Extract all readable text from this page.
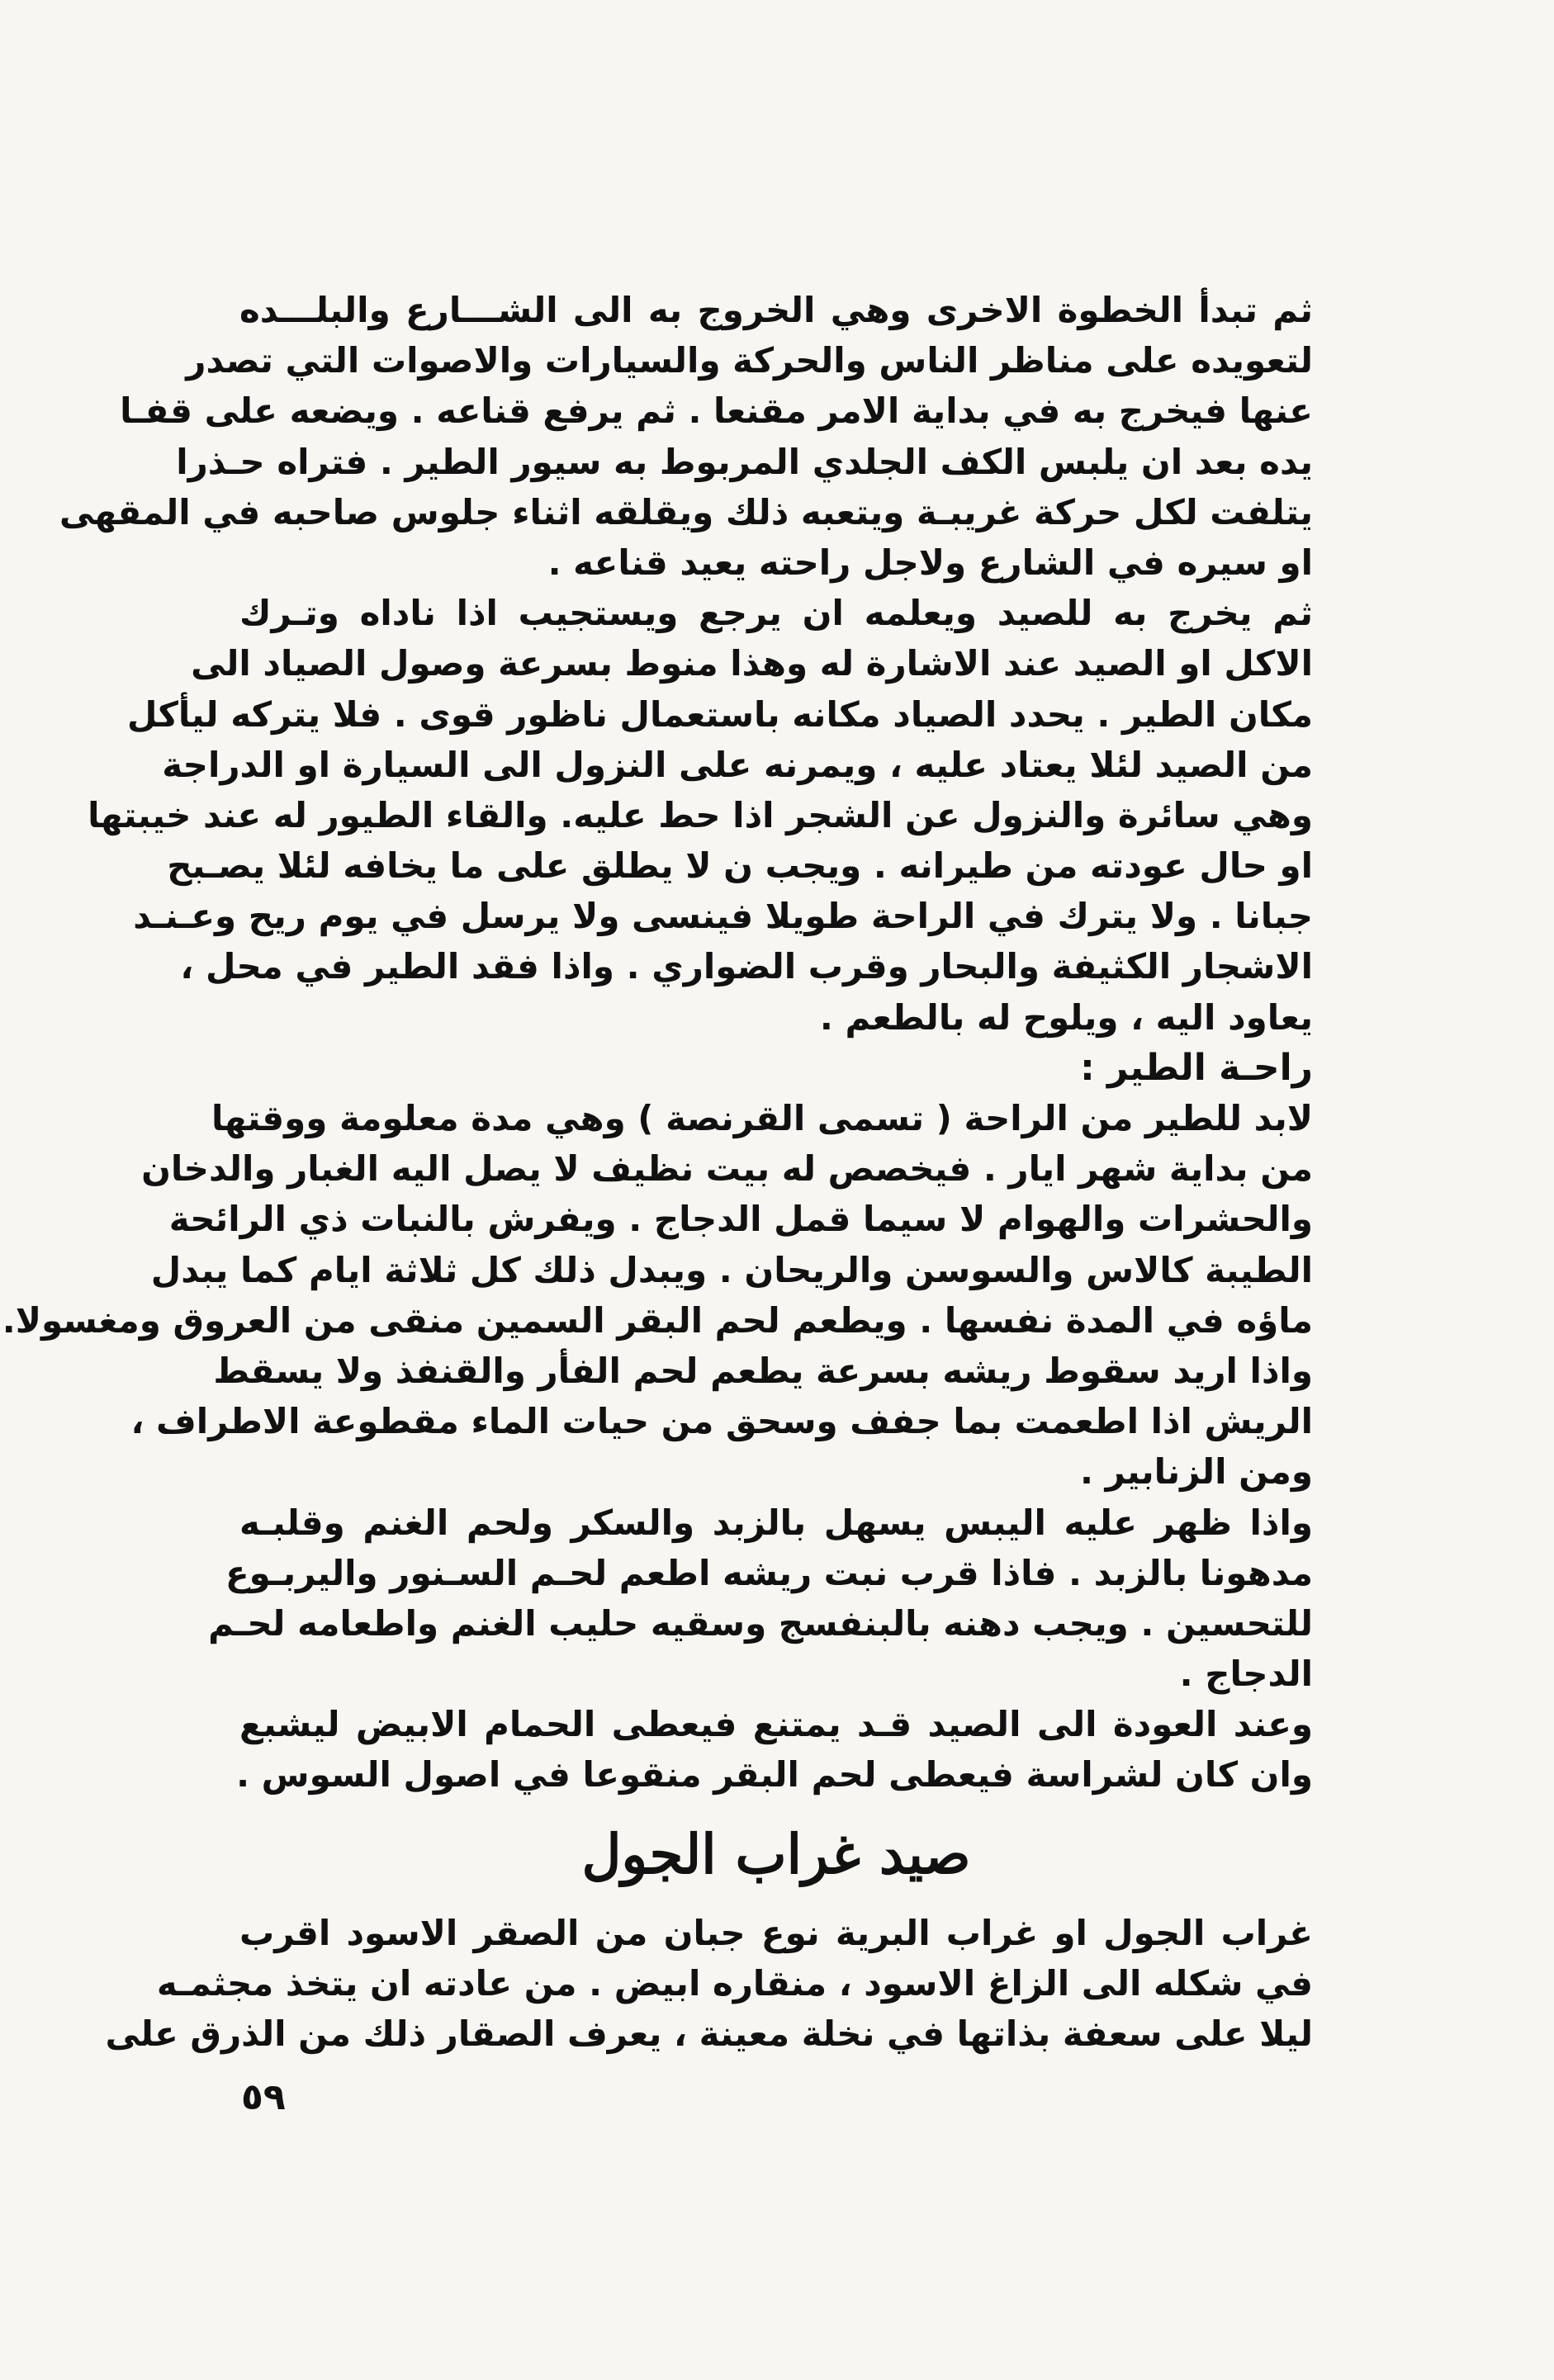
ثم تبدأ الخطوة الاخرى وهي الخروج به الى الشـــارع والبلـــده
لتعويده على مناظر الناس والحركة والسيارات والاصوات التي تصدر
عنها فيخرج به في بداية الامر مقنعا . ثم يرفع قناعه . ويضعه على قفـا
يده بعد ان يلبس الكف الجلدي المربوط به سيور الطير . فتراه حـذرا
يتلفت لكل حركة غريبـة ويتعبه ذلك ويقلقه اثناء جلوس صاحبه في المقهى
او سيره في الشارع ولاجل راحته يعيد قناعه .
ثم يخرج به للصيد ويعلمه ان يرجع ويستجيب اذا ناداه وتـرك
الاكل او الصيد عند الاشارة له وهذا منوط بسرعة وصول الصياد الى
مكان الطير . يحدد الصياد مكانه باستعمال ناظور قوى . فلا يتركه ليأكل
من الصيد لئلا يعتاد عليه ، ويمرنه على النزول الى السيارة او الدراجة
وهي سائرة والنزول عن الشجر اذا حط عليه. والقاء الطيور له عند خيبتها
او حال عودته من طيرانه . ويجب ن لا يطلق على ما يخافه لئلا يصـبح
جبانا . ولا يترك في الراحة طويلا فينسى ولا يرسل في يوم ريح وعـنـد
الاشجار الكثيفة والبحار وقرب الضواري . واذا فقد الطير في محل ،
يعاود اليه ، ويلوح له بالطعم .
راحـة الطير :
لابد للطير من الراحة ( تسمى القرنصة ) وهي مدة معلومة ووقتها
من بداية شهر ايار . فيخصص له بيت نظيف لا يصل اليه الغبار والدخان
والحشرات والهوام لا سيما قمل الدجاج . ويفرش بالنبات ذي الرائحة
الطيبة كالاس والسوسن والريحان . ويبدل ذلك كل ثلاثة ايام كما يبدل
ماؤه في المدة نفسها . ويطعم لحم البقر السمين منقى من العروق ومغسولا.
واذا اريد سقوط ريشه بسرعة يطعم لحم الفأر والقنفذ ولا يسقط
الريش اذا اطعمت بما جفف وسحق من حيات الماء مقطوعة الاطراف ،
ومن الزنابير .
واذا ظهر عليه اليبس يسهل بالزبد والسكر ولحم الغنم وقلبـه
مدهونا بالزبد . فاذا قرب نبت ريشه اطعم لحـم السـنور واليربـوع
للتحسين . ويجب دهنه بالبنفسج وسقيه حليب الغنم واطعامه لحـم
الدجاج .
وعند العودة الى الصيد قـد يمتنع فيعطى الحمام الابيض ليشبع
وان كان لشراسة فيعطى لحم البقر منقوعا في اصول السوس .
صيد غراب الجول
غراب الجول او غراب البرية نوع جبان من الصقر الاسود اقرب
في شكله الى الزاغ الاسود ، منقاره ابيض . من عادته ان يتخذ مجثمـه
ليلا على سعفة بذاتها في نخلة معينة ، يعرف الصقار ذلك من الذرق على
٥٩
